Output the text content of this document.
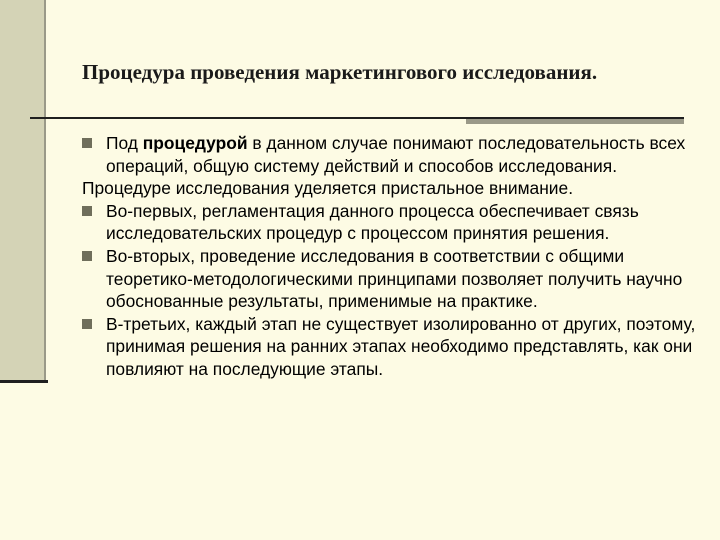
Процедура проведения маркетингового исследования.
Под процедурой в данном случае понимают последовательность всех операций, общую систему действий и способов исследования.
Процедуре исследования уделяется пристальное внимание.
Во-первых, регламентация данного процесса обеспечивает связь исследовательских процедур с процессом принятия решения.
Во-вторых, проведение исследования в соответствии с общими теоретико-методологическими принципами позволяет получить научно обоснованные результаты, применимые на практике.
В-третьих, каждый этап не существует изолированно от других, поэтому, принимая решения на ранних этапах необходимо представлять, как они повлияют на последующие этапы.
